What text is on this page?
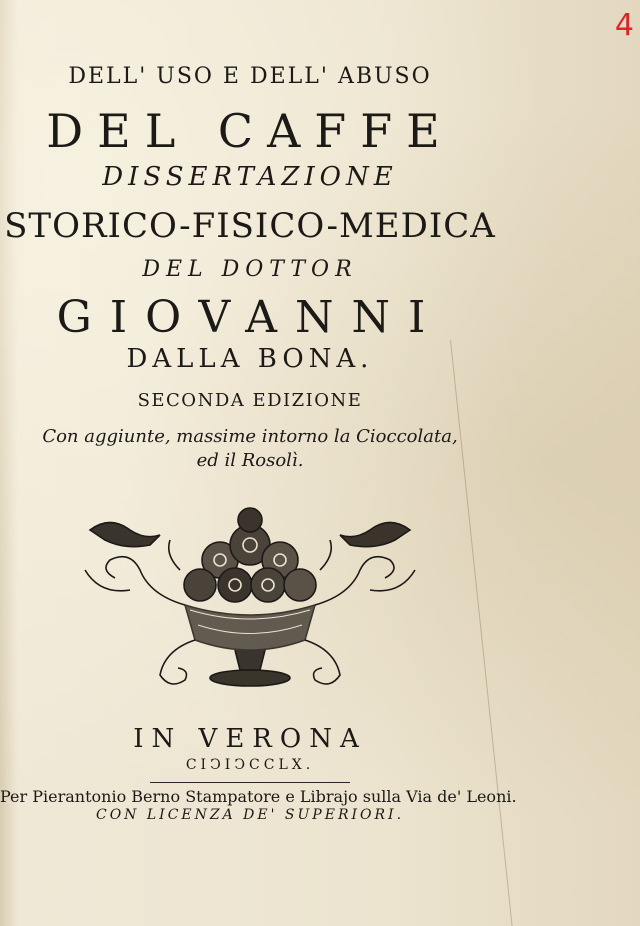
4
DELL' USO E DELL' ABUSO
DEL CAFFE
DISSERTAZIONE
STORICO-FISICO-MEDICA
DEL DOTTOR
GIOVANNI
DALLA BONA.
SECONDA EDIZIONE
Con aggiunte, massime intorno la Cioccolata,
ed il Rosolì.
IN VERONA
CIↃIↃCCLX.
Per Pierantonio Berno Stampatore e Librajo sulla Via de' Leoni.
CON LICENZA DE' SUPERIORI.
